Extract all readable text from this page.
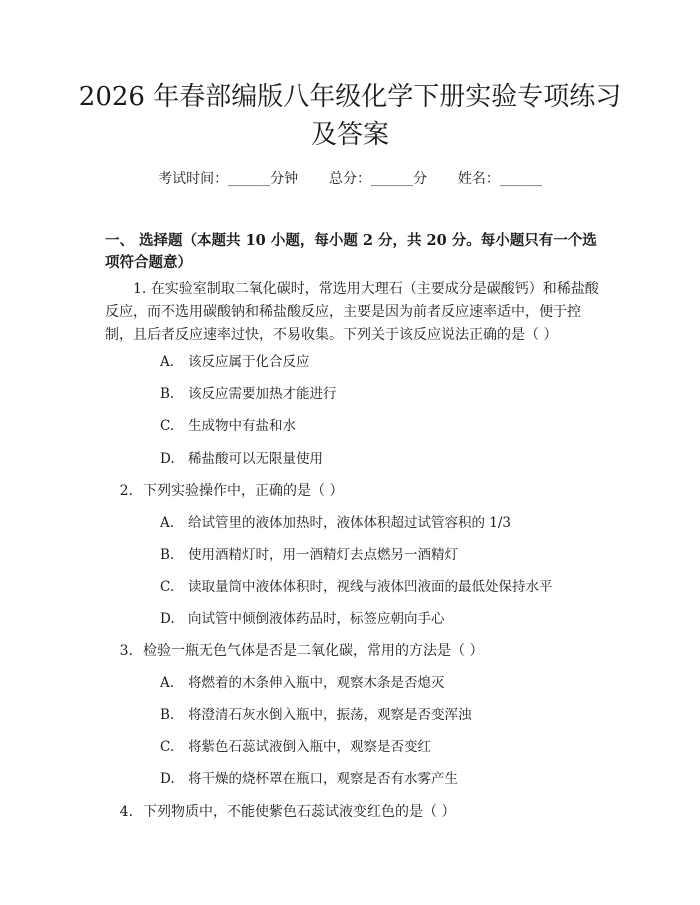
2026 年春部编版八年级化学下册实验专项练习及答案
考试时间：______分钟 总分：______分 姓名：______
一、 选择题（本题共 10 小题，每小题 2 分，共 20 分。每小题只有一个选项符合题意）
1. 在实验室制取二氧化碳时，常选用大理石（主要成分是碳酸钙）和稀盐酸反应，而不选用碳酸钠和稀盐酸反应，主要是因为前者反应速率适中，便于控制，且后者反应速率过快，不易收集。下列关于该反应说法正确的是（ ）
A. 该反应属于化合反应
B. 该反应需要加热才能进行
C. 生成物中有盐和水
D. 稀盐酸可以无限量使用
2. 下列实验操作中，正确的是（ ）
A. 给试管里的液体加热时，液体体积超过试管容积的 1/3
B. 使用酒精灯时，用一酒精灯去点燃另一酒精灯
C. 读取量筒中液体体积时，视线与液体凹液面的最低处保持水平
D. 向试管中倾倒液体药品时，标签应朝向手心
3. 检验一瓶无色气体是否是二氧化碳，常用的方法是（ ）
A. 将燃着的木条伸入瓶中，观察木条是否熄灭
B. 将澄清石灰水倒入瓶中，振荡，观察是否变浑浊
C. 将紫色石蕊试液倒入瓶中，观察是否变红
D. 将干燥的烧杯罩在瓶口，观察是否有水雾产生
4. 下列物质中，不能使紫色石蕊试液变红色的是（ ）
